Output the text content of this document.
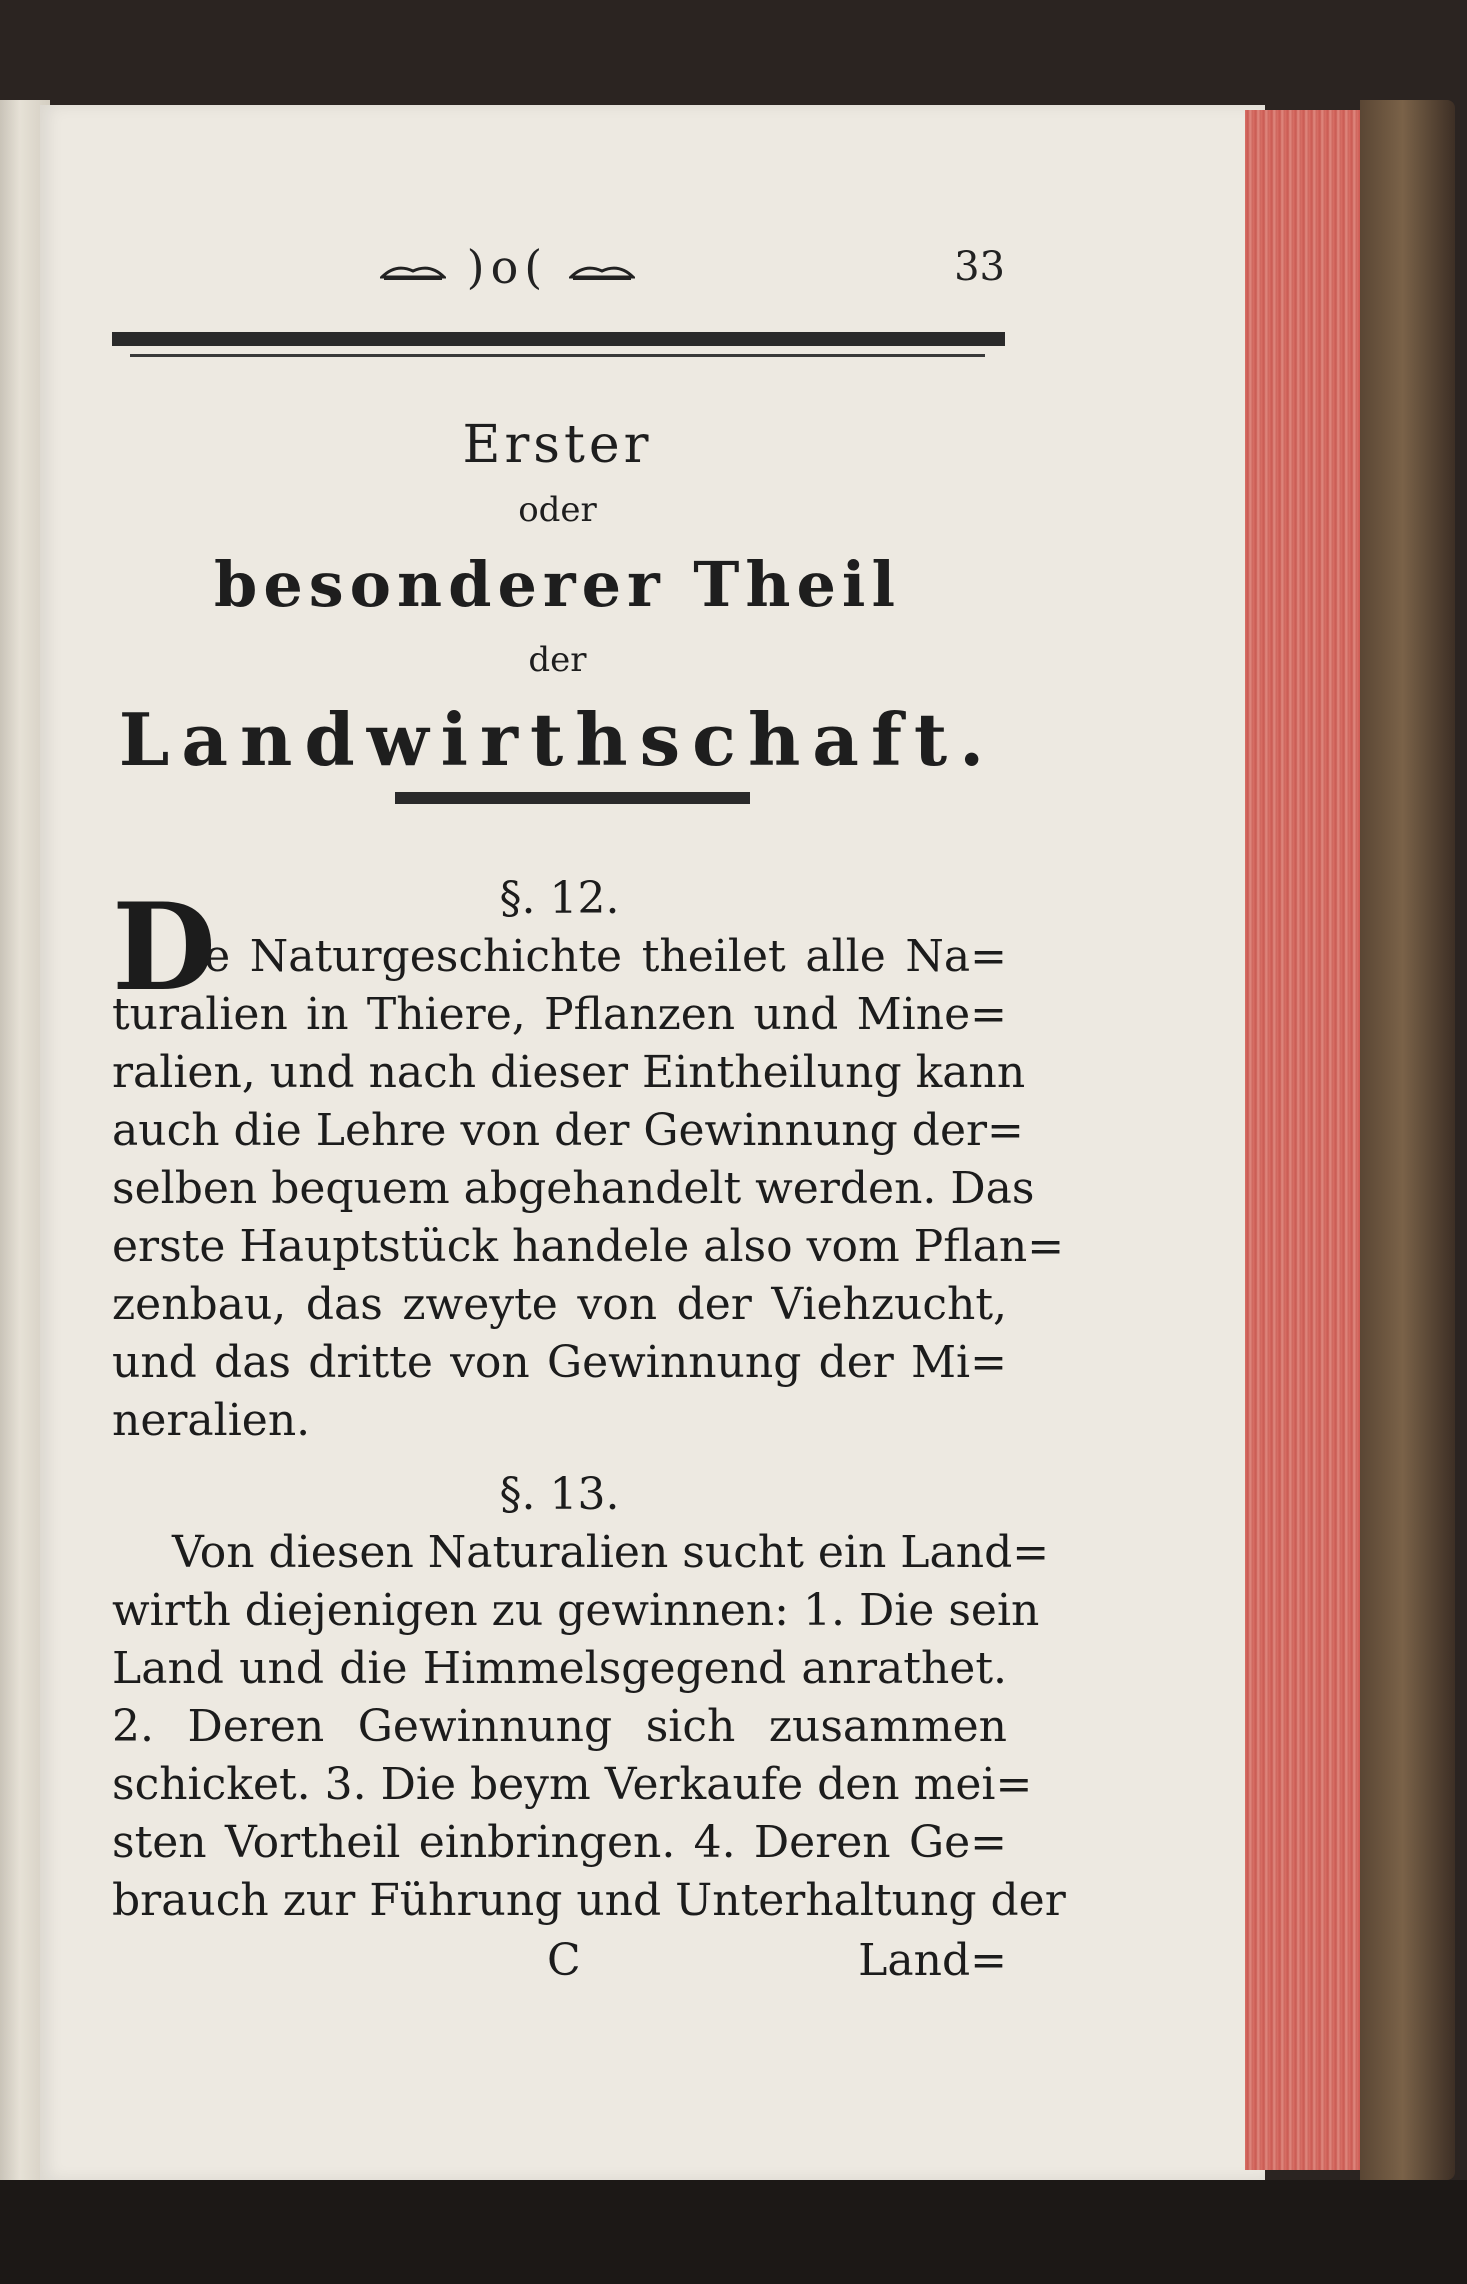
)o(	33
Erster
oder
besonderer Theil
der
Landwirthschaft.
§. 12.
D
ie Naturgeschichte theilet alle Na=
turalien in Thiere, Pflanzen und Mine=
ralien, und nach dieser Eintheilung kann
auch die Lehre von der Gewinnung der=
selben bequem abgehandelt werden. Das
erste Hauptstück handele also vom Pflan=
zenbau, das zweyte von der Viehzucht,
und das dritte von Gewinnung der Mi=
neralien.
§. 13.
Von diesen Naturalien sucht ein Land=
wirth diejenigen zu gewinnen: 1. Die sein
Land und die Himmelsgegend anrathet.
2. Deren Gewinnung sich zusammen
schicket. 3. Die beym Verkaufe den mei=
sten Vortheil einbringen. 4. Deren Ge=
brauch zur Führung und Unterhaltung der
C	Land=
